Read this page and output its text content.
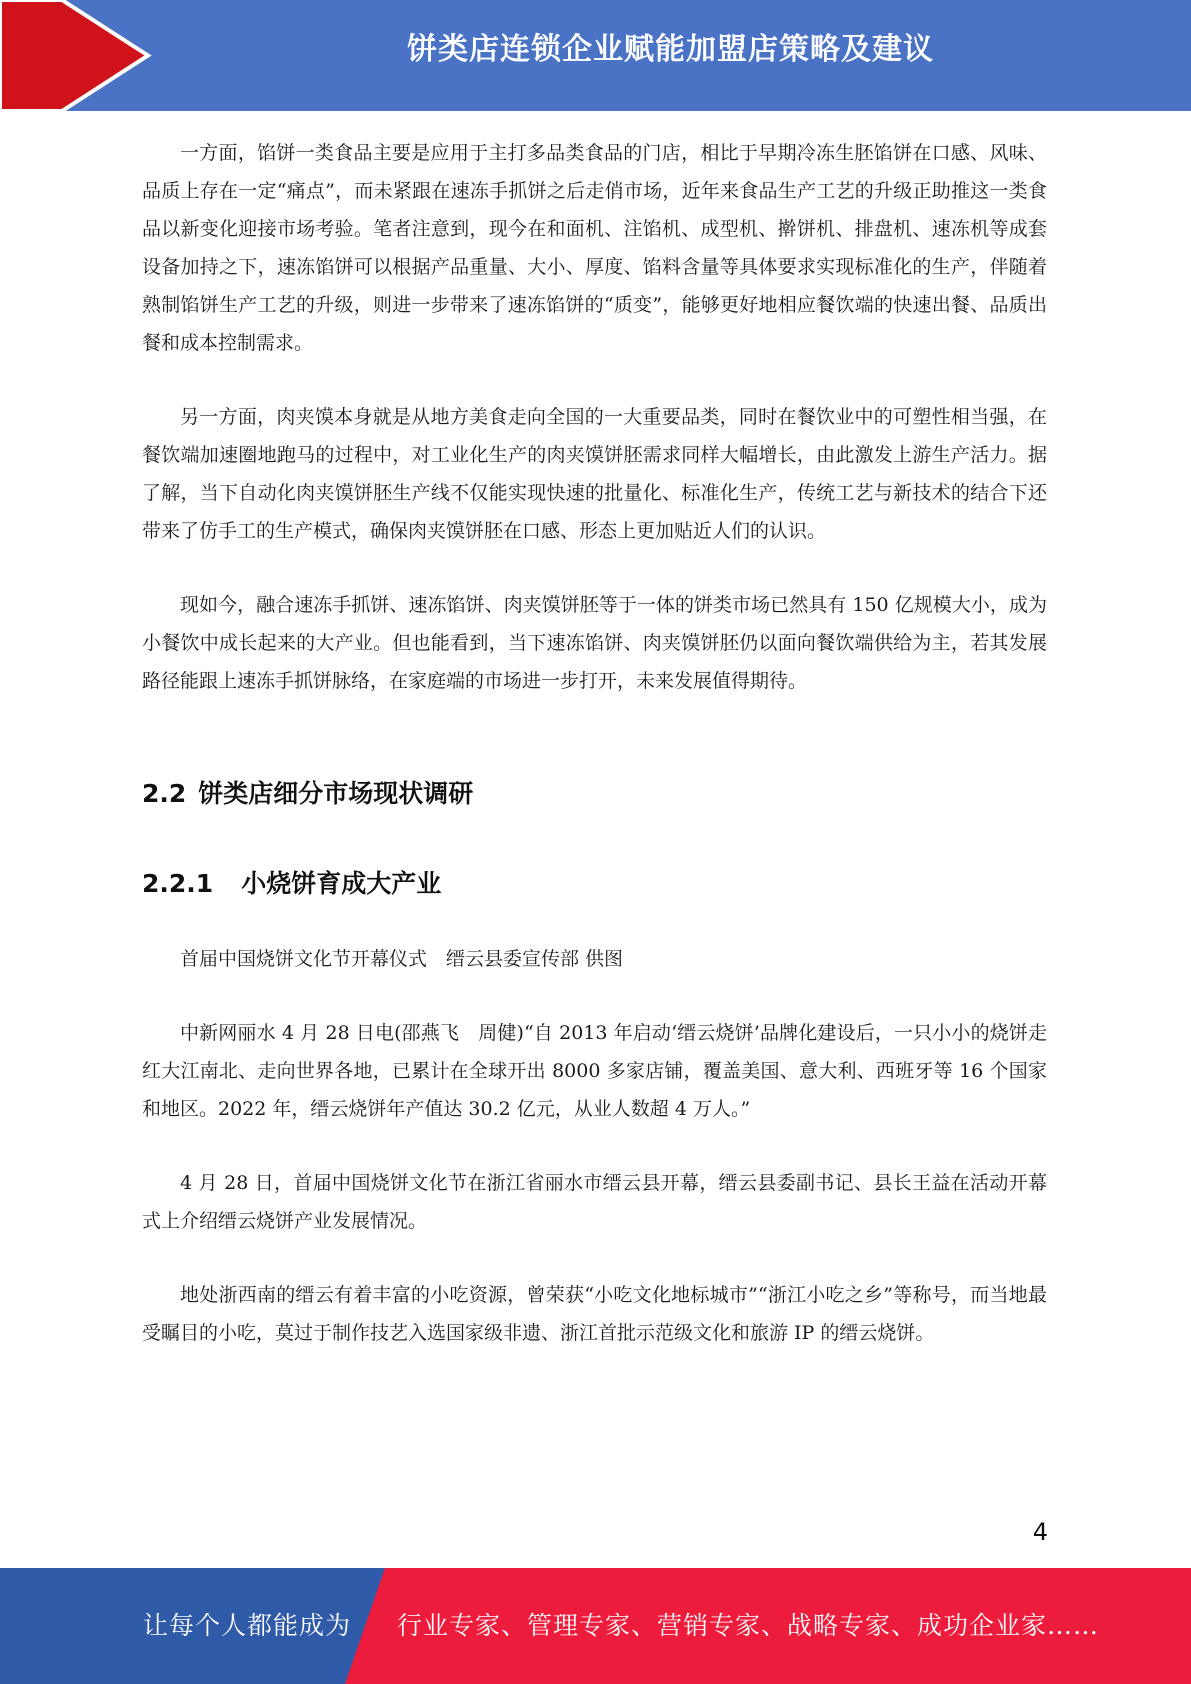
饼类店连锁企业赋能加盟店策略及建议

一方面，馅饼一类食品主要是应用于主打多品类食品的门店，相比于早期冷冻生胚馅饼在口感、风味、品质上存在一定“痛点”，而未紧跟在速冻手抓饼之后走俏市场，近年来食品生产工艺的升级正助推这一类食品以新变化迎接市场考验。笔者注意到，现今在和面机、注馅机、成型机、擀饼机、排盘机、速冻机等成套设备加持之下，速冻馅饼可以根据产品重量、大小、厚度、馅料含量等具体要求实现标准化的生产，伴随着熟制馅饼生产工艺的升级，则进一步带来了速冻馅饼的“质变”，能够更好地相应餐饮端的快速出餐、品质出餐和成本控制需求。

另一方面，肉夹馍本身就是从地方美食走向全国的一大重要品类，同时在餐饮业中的可塑性相当强，在餐饮端加速圈地跑马的过程中，对工业化生产的肉夹馍饼胚需求同样大幅增长，由此激发上游生产活力。据了解，当下自动化肉夹馍饼胚生产线不仅能实现快速的批量化、标准化生产，传统工艺与新技术的结合下还带来了仿手工的生产模式，确保肉夹馍饼胚在口感、形态上更加贴近人们的认识。

现如今，融合速冻手抓饼、速冻馅饼、肉夹馍饼胚等于一体的饼类市场已然具有 150 亿规模大小，成为小餐饮中成长起来的大产业。但也能看到，当下速冻馅饼、肉夹馍饼胚仍以面向餐饮端供给为主，若其发展路径能跟上速冻手抓饼脉络，在家庭端的市场进一步打开，未来发展值得期待。

2.2 饼类店细分市场现状调研
2.2.1 小烧饼育成大产业

首届中国烧饼文化节开幕仪式　缙云县委宣传部 供图

中新网丽水 4 月 28 日电(邵燕飞　周健)“自 2013 年启动‘缙云烧饼’品牌化建设后，一只小小的烧饼走红大江南北、走向世界各地，已累计在全球开出 8000 多家店铺，覆盖美国、意大利、西班牙等 16 个国家和地区。2022 年，缙云烧饼年产值达 30.2 亿元，从业人数超 4 万人。”

4 月 28 日，首届中国烧饼文化节在浙江省丽水市缙云县开幕，缙云县委副书记、县长王益在活动开幕式上介绍缙云烧饼产业发展情况。

地处浙西南的缙云有着丰富的小吃资源，曾荣获“小吃文化地标城市”“浙江小吃之乡”等称号，而当地最受瞩目的小吃，莫过于制作技艺入选国家级非遗、浙江首批示范级文化和旅游 IP 的缙云烧饼。

4
让每个人都能成为 行业专家、管理专家、营销专家、战略专家、成功企业家……
